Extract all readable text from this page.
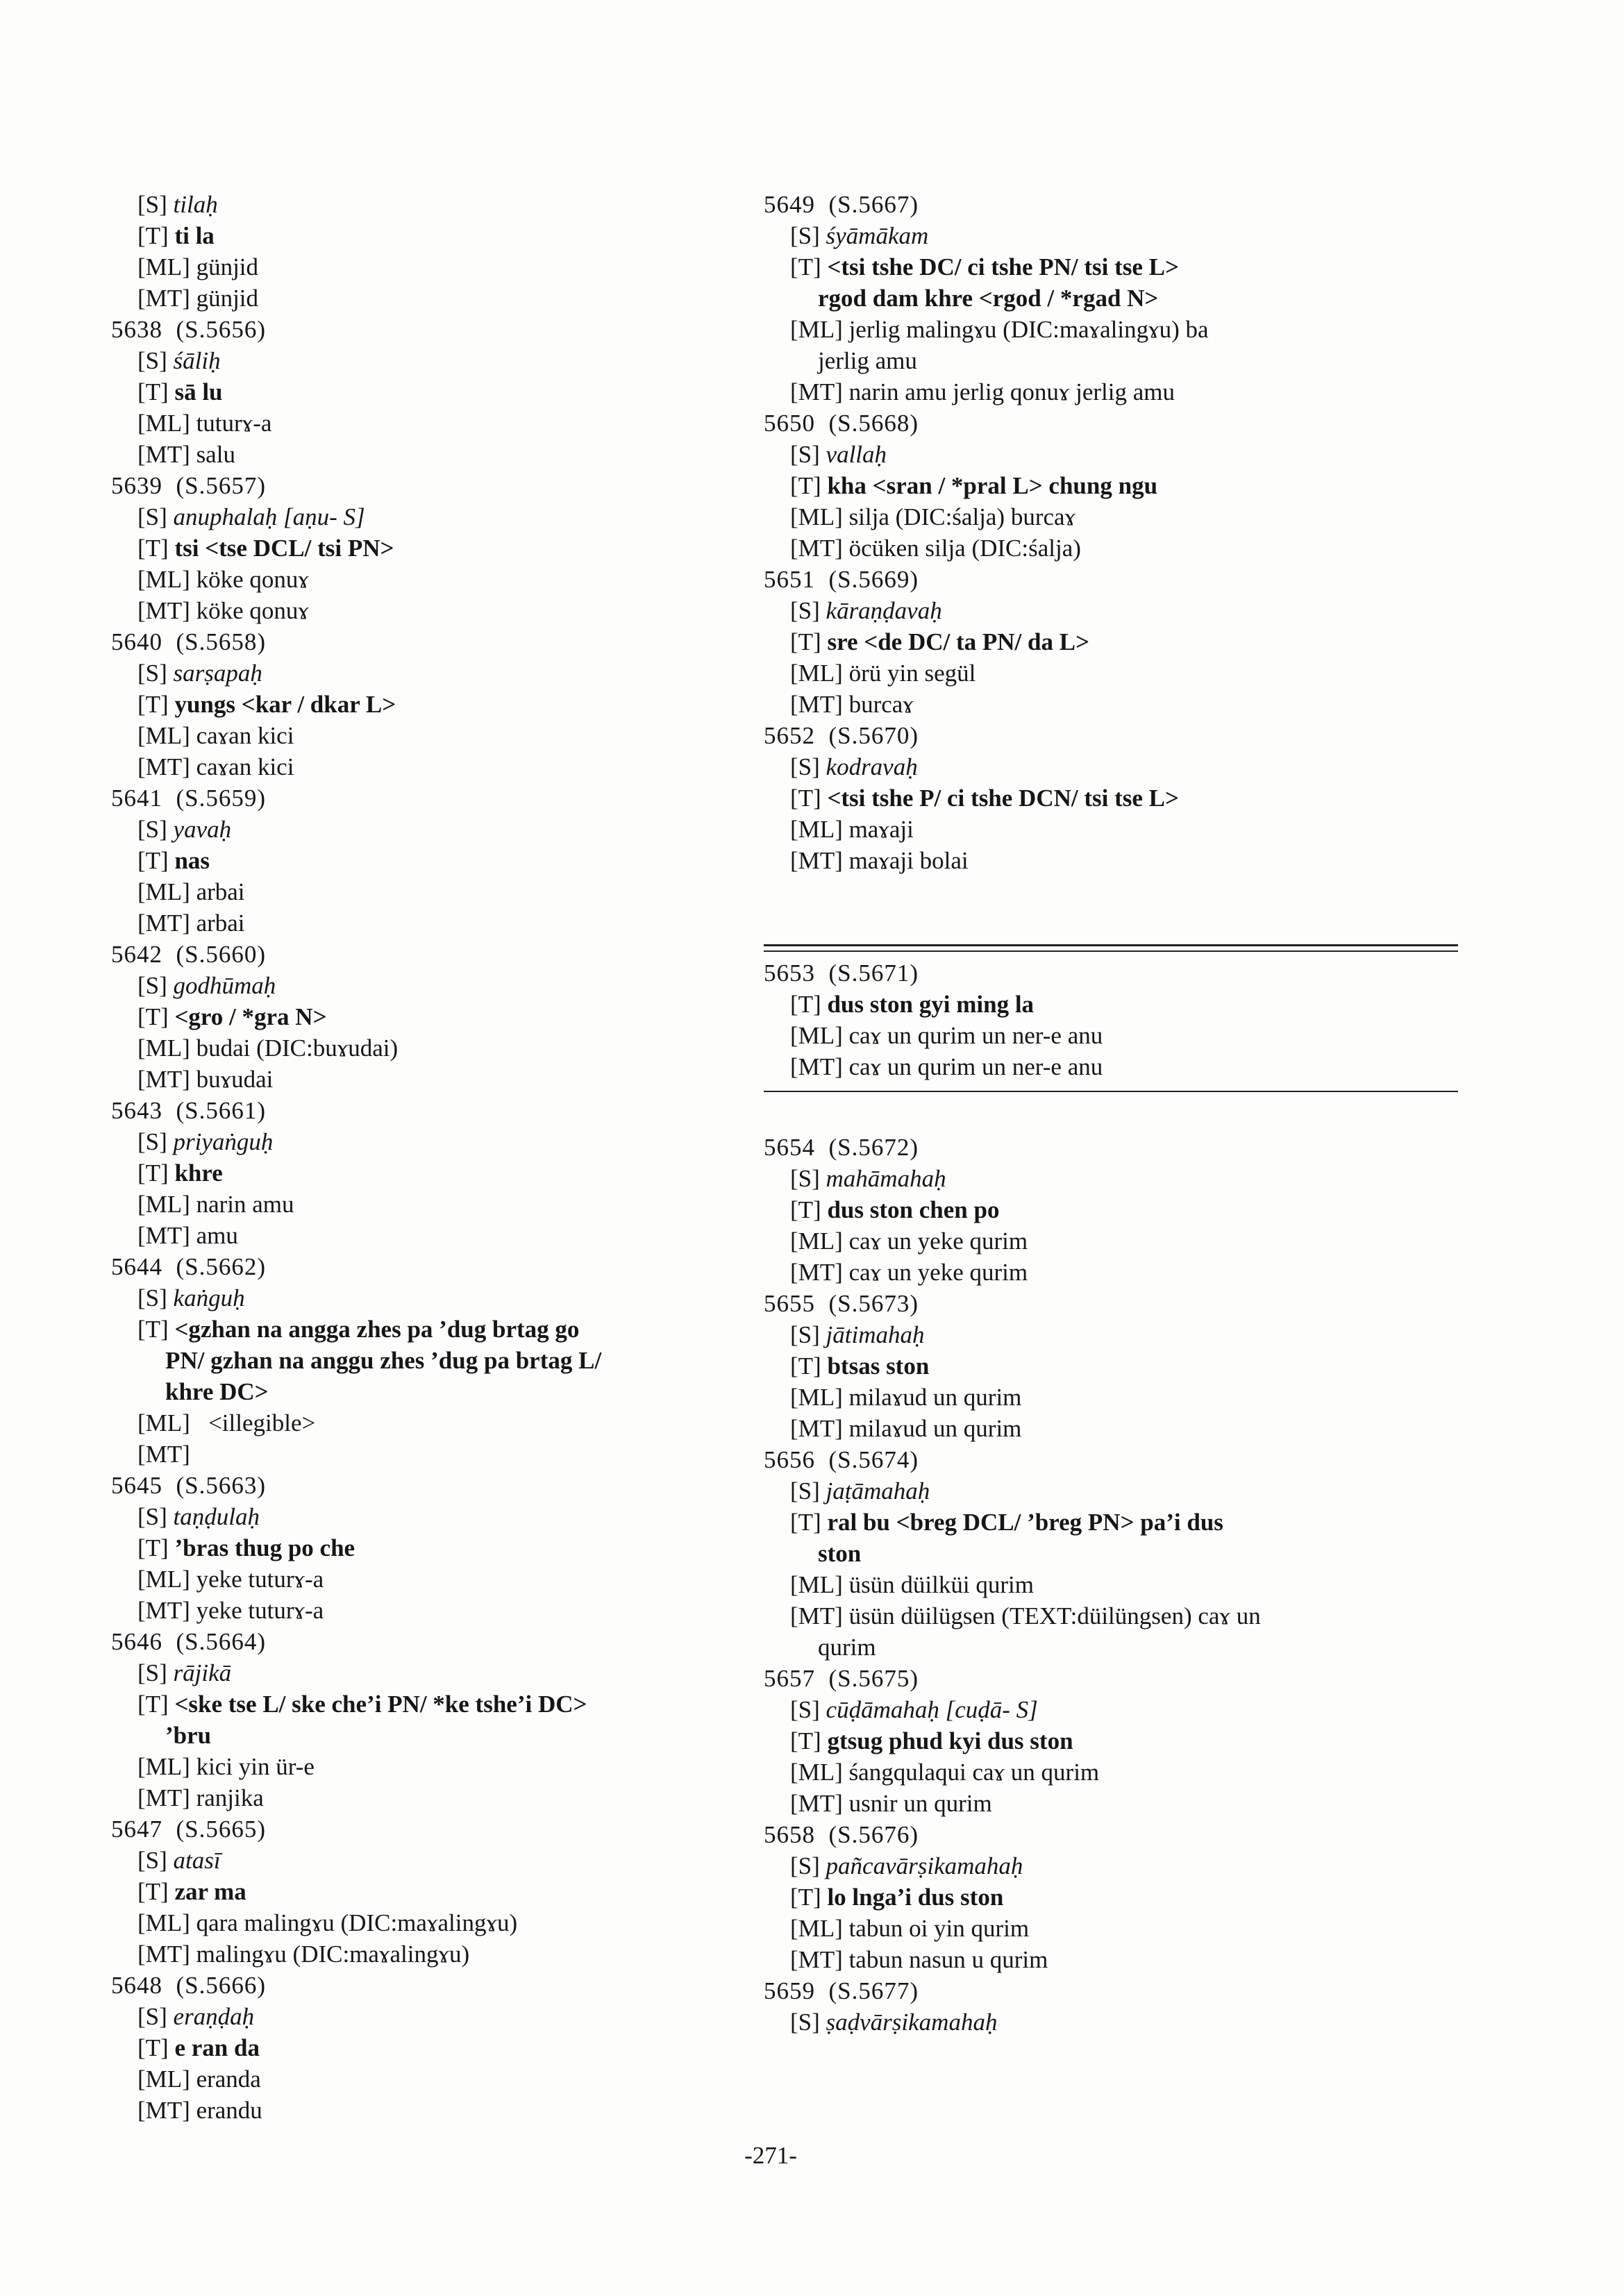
[S] tilaḥ
[T] ti la
[ML] günjid
[MT] günjid
5638  (S.5656)
[S] śāliḥ
[T] sā lu
[ML] tuturɤ-a
[MT] salu
5639  (S.5657)
[S] anuphalaḥ [aṇu- S]
[T] tsi <tse DCL/ tsi PN>
[ML] köke qonuɤ
[MT] köke qonuɤ
5640  (S.5658)
[S] sarṣapaḥ
[T] yungs <kar / dkar L>
[ML] caɤan kici
[MT] caɤan kici
5641  (S.5659)
[S] yavaḥ
[T] nas
[ML] arbai
[MT] arbai
5642  (S.5660)
[S] godhūmaḥ
[T] <gro / *gra N>
[ML] budai (DIC:buɤudai)
[MT] buɤudai
5643  (S.5661)
[S] priyaṅguḥ
[T] khre
[ML] narin amu
[MT] amu
5644  (S.5662)
[S] kaṅguḥ
[T] <gzhan na angga zhes pa ’dug brtag go
PN/ gzhan na anggu zhes ’dug pa brtag L/
khre DC>
[ML]   <illegible>
[MT]
5645  (S.5663)
[S] taṇḍulaḥ
[T] ’bras thug po che
[ML] yeke tuturɤ-a
[MT] yeke tuturɤ-a
5646  (S.5664)
[S] rājikā
[T] <ske tse L/ ske che’i PN/ *ke tshe’i DC>
’bru
[ML] kici yin ür-e
[MT] ranjika
5647  (S.5665)
[S] atasī
[T] zar ma
[ML] qara malingɤu (DIC:maɤalingɤu)
[MT] malingɤu (DIC:maɤalingɤu)
5648  (S.5666)
[S] eraṇḍaḥ
[T] e ran da
[ML] eranda
[MT] erandu
5649  (S.5667)
[S] śyāmākam
[T] <tsi tshe DC/ ci tshe PN/ tsi tse L>
rgod dam khre <rgod / *rgad N>
[ML] jerlig malingɤu (DIC:maɤalingɤu) ba
jerlig amu
[MT] narin amu jerlig qonuɤ jerlig amu
5650  (S.5668)
[S] vallaḥ
[T] kha <sran / *pral L> chung ngu
[ML] silja (DIC:śalja) burcaɤ
[MT] öcüken silja (DIC:śalja)
5651  (S.5669)
[S] kāraṇḍavaḥ
[T] sre <de DC/ ta PN/ da L>
[ML] örü yin segül
[MT] burcaɤ
5652  (S.5670)
[S] kodravaḥ
[T] <tsi tshe P/ ci tshe DCN/ tsi tse L>
[ML] maɤaji
[MT] maɤaji bolai
5653  (S.5671)
[T] dus ston gyi ming la
[ML] caɤ un qurim un ner-e anu
[MT] caɤ un qurim un ner-e anu
5654  (S.5672)
[S] mahāmahaḥ
[T] dus ston chen po
[ML] caɤ un yeke qurim
[MT] caɤ un yeke qurim
5655  (S.5673)
[S] jātimahaḥ
[T] btsas ston
[ML] milaɤud un qurim
[MT] milaɤud un qurim
5656  (S.5674)
[S] jaṭāmahaḥ
[T] ral bu <breg DCL/ ’breg PN> pa’i dus
ston
[ML] üsün düilküi qurim
[MT] üsün düilügsen (TEXT:düilüngsen) caɤ un
qurim
5657  (S.5675)
[S] cūḍāmahaḥ [cuḍā- S]
[T] gtsug phud kyi dus ston
[ML] śangqulaqui caɤ un qurim
[MT] usnir un qurim
5658  (S.5676)
[S] pañcavārṣikamahaḥ
[T] lo lnga’i dus ston
[ML] tabun oi yin qurim
[MT] tabun nasun u qurim
5659  (S.5677)
[S] ṣaḍvārṣikamahaḥ
-271-
